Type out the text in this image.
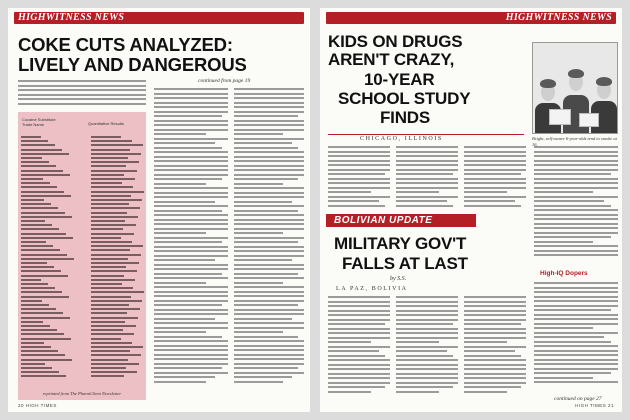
HIGHWITNESS NEWS
COKE CUTS ANALYZED:
LIVELY AND DANGEROUS
continued from page 19
Cocaine Substitute
Trade Name	Quantitative Results
reprinted from The PharmChem Newsletter
20 HIGH TIMES
HIGHWITNESS NEWS
KIDS ON DRUGS
AREN'T CRAZY,
10-YEAR
SCHOOL STUDY
FINDS
CHICAGO, ILLINOIS	Bright, self-aware 6-year-olds tend to smoke at 16.
BOLIVIAN UPDATE
MILITARY GOV'T
FALLS AT LAST
by S.S.
LA PAZ, BOLIVIA
High-IQ Dopers
continued on page 27
HIGH TIMES 21
